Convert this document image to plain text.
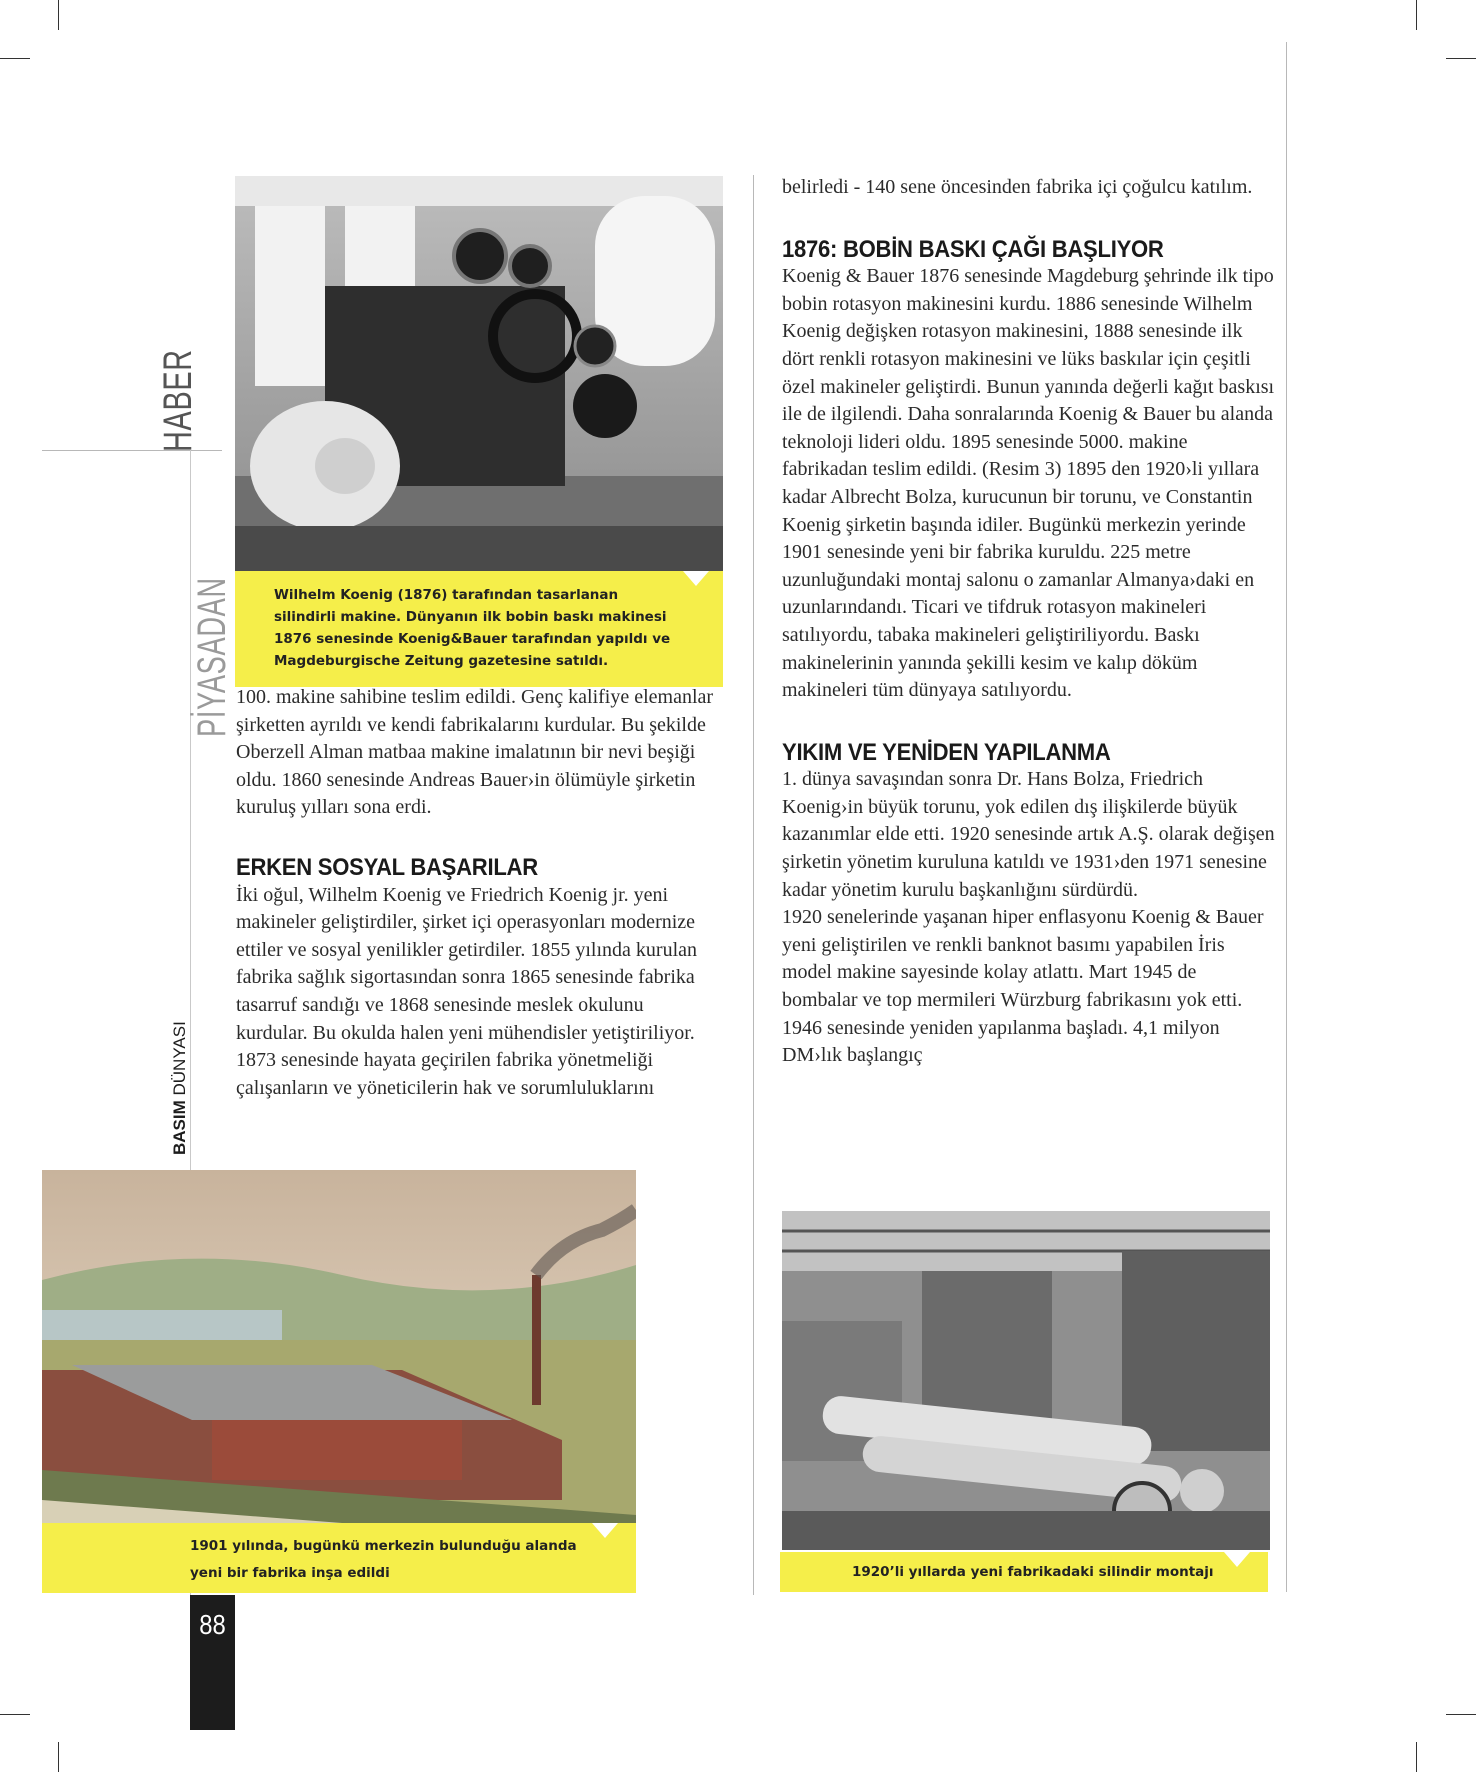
HABER
PİYASADAN
BASIM DÜNYASI
Wilhelm Koenig (1876) tarafından tasarlanan
silindirli makine. Dünyanın ilk bobin baskı makinesi
1876 senesinde Koenig&Bauer tarafından yapıldı ve
Magdeburgische Zeitung gazetesine satıldı.

100. makine sahibine teslim edildi. Genç kalifiye elemanlar şirketten ayrıldı ve kendi fabrikalarını kurdular. Bu şekilde Oberzell Alman matbaa makine imalatının bir nevi beşiği oldu. 1860 senesinde Andreas Bauer›in ölümüyle şirketin kuruluş yılları sona erdi.

ERKEN SOSYAL BAŞARILAR

İki oğul, Wilhelm Koenig ve Friedrich Koenig jr. yeni makineler geliştirdiler, şirket içi operasyonları modernize ettiler ve sosyal yenilikler getirdiler. 1855 yılında kurulan fabrika sağlık sigortasından sonra 1865 senesinde fabrika tasarruf sandığı ve 1868 senesinde meslek okulunu kurdular. Bu okulda halen yeni mühendisler yetiştiriliyor. 1873 senesinde hayata geçirilen fabrika yönetmeliği çalışanların ve yöneticilerin hak ve sorumluluklarını

belirledi - 140 sene öncesinden fabrika içi çoğulcu katılım.

1876: BOBİN BASKI ÇAĞI BAŞLIYOR

Koenig & Bauer 1876 senesinde Magdeburg şehrinde ilk tipo bobin rotasyon makinesini kurdu. 1886 senesinde Wilhelm Koenig değişken rotasyon makinesini, 1888 senesinde ilk dört renkli rotasyon makinesini ve lüks baskılar için çeşitli özel makineler geliştirdi. Bunun yanında değerli kağıt baskısı ile de ilgilendi. Daha sonralarında Koenig & Bauer bu alanda teknoloji lideri oldu. 1895 senesinde 5000. makine fabrikadan teslim edildi. (Resim 3) 1895 den 1920›li yıllara kadar Albrecht Bolza, kurucunun bir torunu, ve Constantin Koenig şirketin başında idiler. Bugünkü merkezin yerinde 1901 senesinde yeni bir fabrika kuruldu. 225 metre uzunluğundaki montaj salonu o zamanlar Almanya›daki en uzunlarındandı. Ticari ve tifdruk rotasyon makineleri satılıyordu, tabaka makineleri geliştiriliyordu. Baskı makinelerinin yanında şekilli kesim ve kalıp döküm makineleri tüm dünyaya satılıyordu.

YIKIM VE YENİDEN YAPILANMA

1. dünya savaşından sonra Dr. Hans Bolza, Friedrich Koenig›in büyük torunu, yok edilen dış ilişkilerde büyük kazanımlar elde etti. 1920 senesinde artık A.Ş. olarak değişen şirketin yönetim kuruluna katıldı ve 1931›den 1971 senesine kadar yönetim kurulu başkanlığını sürdürdü.

1920 senelerinde yaşanan hiper enflasyonu Koenig & Bauer yeni geliştirilen ve renkli banknot basımı yapabilen İris model makine sayesinde kolay atlattı. Mart 1945 de bombalar ve top mermileri Würzburg fabrikasını yok etti. 1946 senesinde yeniden yapılanma başladı. 4,1 milyon DM›lık başlangıç

1901 yılında, bugünkü merkezin bulunduğu alanda
yeni bir fabrika inşa edildi	1920’li yıllarda yeni fabrikadaki silindir montajı
88
